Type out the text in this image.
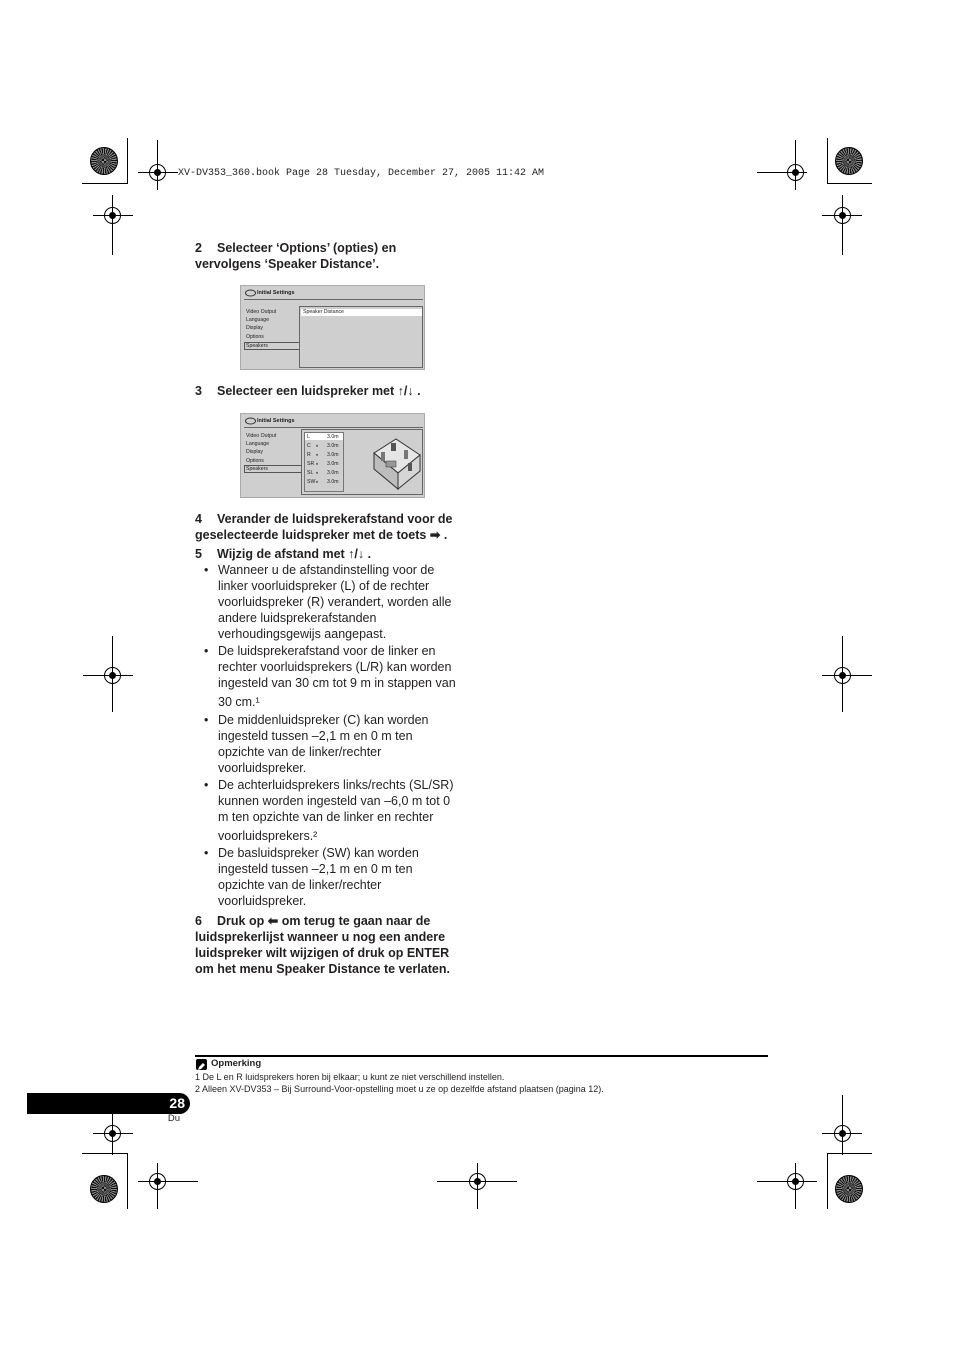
XV-DV353_360.book Page 28 Tuesday, December 27, 2005 11:42 AM
2 Selecteer ‘Options’ (opties) en
vervolgens ‘Speaker Distance’.
Initial Settings
Video Output
Language
Display
Options
Speakers
Speaker Distance
3 Selecteer een luidspreker met ↑/↓ .
Initial Settings
Video Output
Language
Display
Options
Speakers
L	3.0m
C ♦ 3.0m
R ♦ 3.0m
SR ♦ 3.0m
SL ♦ 3.0m
SW ♦ 3.0m
4 Verander de luidsprekerafstand voor de
geselecteerde luidspreker met de toets ➡ .
5 Wijzig de afstand met ↑/↓ .
• Wanneer u de afstandinstelling voor de
linker voorluidspreker (L) of de rechter
voorluidspreker (R) verandert, worden alle
andere luidsprekerafstanden
verhoudingsgewijs aangepast.
• De luidsprekerafstand voor de linker en
rechter voorluidsprekers (L/R) kan worden
ingesteld van 30 cm tot 9 m in stappen van
30 cm.¹
• De middenluidspreker (C) kan worden
ingesteld tussen –2,1 m en 0 m ten
opzichte van de linker/rechter
voorluidspreker.
• De achterluidsprekers links/rechts (SL/SR)
kunnen worden ingesteld van –6,0 m tot 0
m ten opzichte van de linker en rechter
voorluidsprekers.²
• De basluidspreker (SW) kan worden
ingesteld tussen –2,1 m en 0 m ten
opzichte van de linker/rechter
voorluidspreker.
6 Druk op ⬅ om terug te gaan naar de
luidsprekerlijst wanneer u nog een andere
luidspreker wilt wijzigen of druk op ENTER
om het menu Speaker Distance te verlaten.
Opmerking
1 De L en R luidsprekers horen bij elkaar; u kunt ze niet verschillend instellen.
2 Alleen XV-DV353 – Bij Surround-Voor-opstelling moet u ze op dezelfde afstand plaatsen (pagina 12).
28
Du
